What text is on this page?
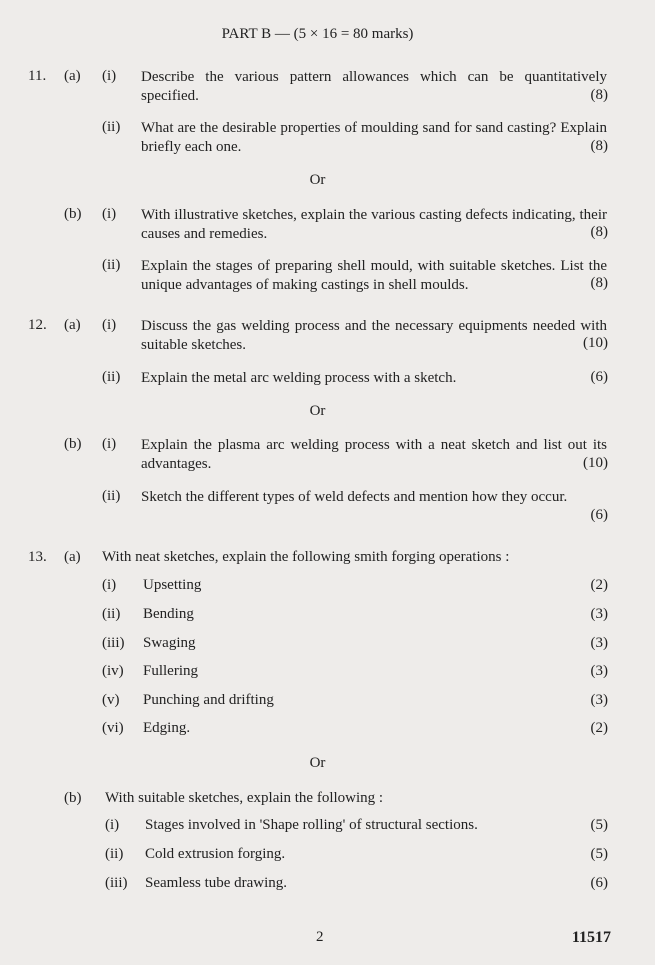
PART B — (5 × 16 = 80 marks)
11. (a) (i) Describe the various pattern allowances which can be quantitatively specified.	(8)
(ii) What are the desirable properties of moulding sand for sand casting? Explain briefly each one.	(8)
Or
(b) (i) With illustrative sketches, explain the various casting defects indicating, their causes and remedies.	(8)
(ii) Explain the stages of preparing shell mould, with suitable sketches. List the unique advantages of making castings in shell moulds.	(8)
12. (a) (i) Discuss the gas welding process and the necessary equipments needed with suitable sketches.	(10)
(ii) Explain the metal arc welding process with a sketch.	(6)
Or
(b) (i) Explain the plasma arc welding process with a neat sketch and list out its advantages.	(10)
(ii) Sketch the different types of weld defects and mention how they occur.
(6)
13. (a) With neat sketches, explain the following smith forging operations :
(i) Upsetting	(2)
(ii) Bending	(3)
(iii) Swaging	(3)
(iv) Fullering	(3)
(v) Punching and drifting	(3)
(vi) Edging.	(2)
Or
(b) With suitable sketches, explain the following :
(i) Stages involved in 'Shape rolling' of structural sections.	(5)
(ii) Cold extrusion forging.	(5)
(iii) Seamless tube drawing.	(6)
2	11517
